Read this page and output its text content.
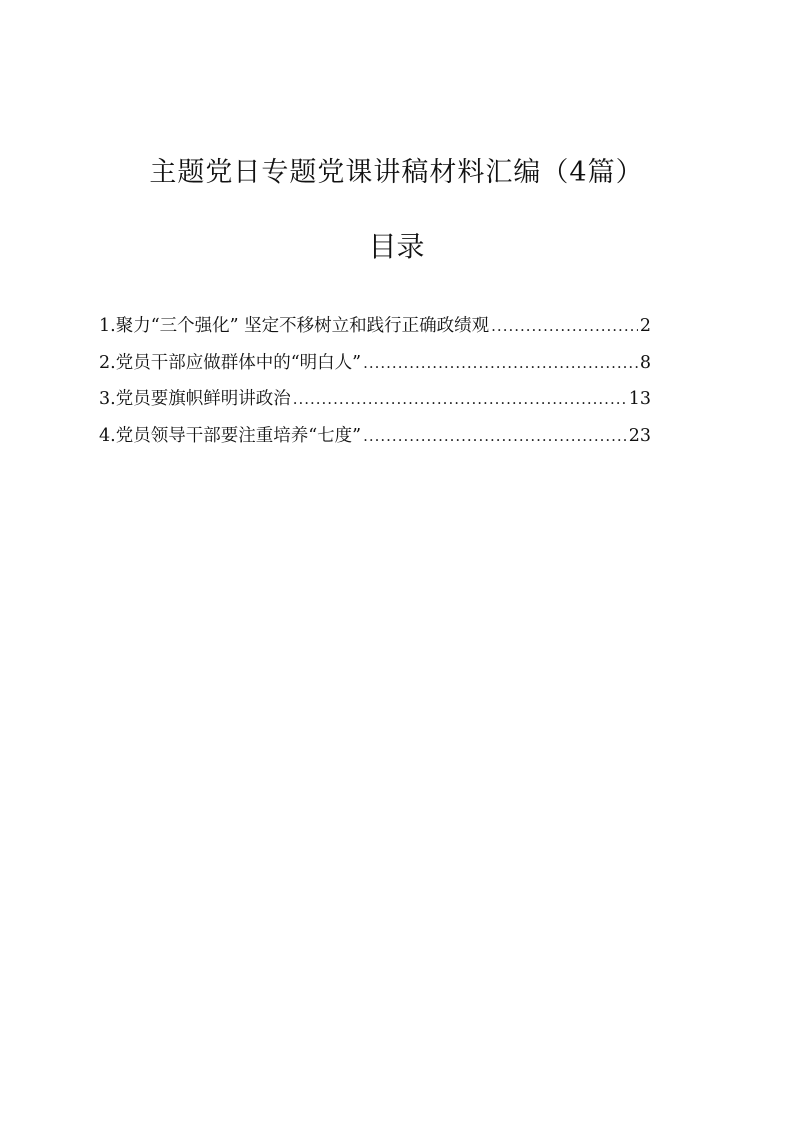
主题党日专题党课讲稿材料汇编（4篇）
目录
1.聚力“三个强化” 坚定不移树立和践行正确政绩观 .....	2
2.党员干部应做群体中的“明白人” .....	8
3.党员要旗帜鲜明讲政治 .....	13
4.党员领导干部要注重培养“七度” .....	23
